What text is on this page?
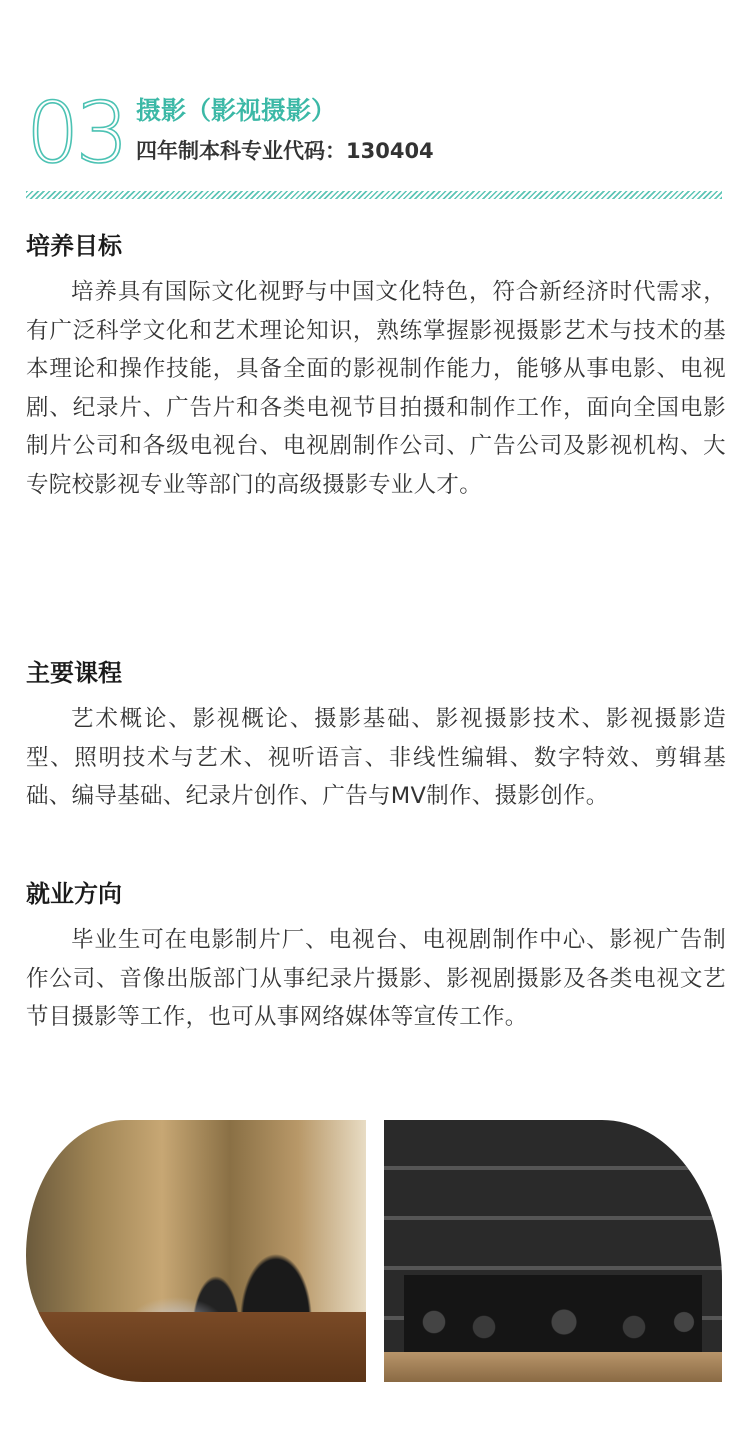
03 摄影（影视摄影）
四年制本科专业代码：130404
培养目标

培养具有国际文化视野与中国文化特色，符合新经济时代需求，有广泛科学文化和艺术理论知识，熟练掌握影视摄影艺术与技术的基本理论和操作技能，具备全面的影视制作能力，能够从事电影、电视剧、纪录片、广告片和各类电视节目拍摄和制作工作，面向全国电影制片公司和各级电视台、电视剧制作公司、广告公司及影视机构、大专院校影视专业等部门的高级摄影专业人才。

主要课程

艺术概论、影视概论、摄影基础、影视摄影技术、影视摄影造型、照明技术与艺术、视听语言、非线性编辑、数字特效、剪辑基础、编导基础、纪录片创作、广告与MV制作、摄影创作。

就业方向

毕业生可在电影制片厂、电视台、电视剧制作中心、影视广告制作公司、音像出版部门从事纪录片摄影、影视剧摄影及各类电视文艺节目摄影等工作，也可从事网络媒体等宣传工作。
